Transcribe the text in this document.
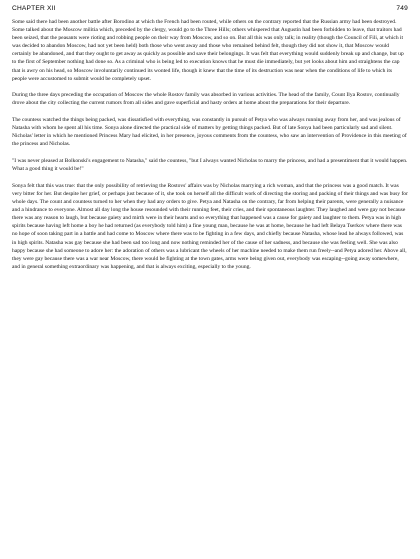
CHAPTER XII	749

Some said there had been another battle after Borodino at which the French had been routed, while others on the contrary reported that the Russian army had been destroyed. Some talked about the Moscow militia which, preceded by the clergy, would go to the Three Hills; others whispered that Augustin had been forbidden to leave, that traitors had been seized, that the peasants were rioting and robbing people on their way from Moscow, and so on. But all this was only talk; in reality (though the Council of Fili, at which it was decided to abandon Moscow, had not yet been held) both those who went away and those who remained behind felt, though they did not show it, that Moscow would certainly be abandoned, and that they ought to get away as quickly as possible and save their belongings. It was felt that everything would suddenly break up and change, but up to the first of September nothing had done so. As a criminal who is being led to execution knows that he must die immediately, but yet looks about him and straightens the cap that is awry on his head, so Moscow involuntarily continued its wonted life, though it knew that the time of its destruction was near when the conditions of life to which its people were accustomed to submit would be completely upset.

During the three days preceding the occupation of Moscow the whole Rostov family was absorbed in various activities. The head of the family, Count Ilya Rostov, continually drove about the city collecting the current rumors from all sides and gave superficial and hasty orders at home about the preparations for their departure.

The countess watched the things being packed, was dissatisfied with everything, was constantly in pursuit of Petya who was always running away from her, and was jealous of Natasha with whom he spent all his time. Sonya alone directed the practical side of matters by getting things packed. But of late Sonya had been particularly sad and silent. Nicholas' letter in which he mentioned Princess Mary had elicited, in her presence, joyous comments from the countess, who saw an intervention of Providence in this meeting of the princess and Nicholas.

"I was never pleased at Bolkonski's engagement to Natasha," said the countess, "but I always wanted Nicholas to marry the princess, and had a presentiment that it would happen. What a good thing it would be!"

Sonya felt that this was true: that the only possibility of retrieving the Rostovs' affairs was by Nicholas marrying a rich woman, and that the princess was a good match. It was very bitter for her. But despite her grief, or perhaps just because of it, she took on herself all the difficult work of directing the storing and packing of their things and was busy for whole days. The count and countess turned to her when they had any orders to give. Petya and Natasha on the contrary, far from helping their parents, were generally a nuisance and a hindrance to everyone. Almost all day long the house resounded with their running feet, their cries, and their spontaneous laughter. They laughed and were gay not because there was any reason to laugh, but because gaiety and mirth were in their hearts and so everything that happened was a cause for gaiety and laughter to them. Petya was in high spirits because having left home a boy he had returned (as everybody told him) a fine young man, because he was at home, because he had left Belaya Tserkov where there was no hope of soon taking part in a battle and had come to Moscow where there was to be fighting in a few days, and chiefly because Natasha, whose lead he always followed, was in high spirits. Natasha was gay because she had been sad too long and now nothing reminded her of the cause of her sadness, and because she was feeling well. She was also happy because she had someone to adore her: the adoration of others was a lubricant the wheels of her machine needed to make them run freely--and Petya adored her. Above all, they were gay because there was a war near Moscow, there would be fighting at the town gates, arms were being given out, everybody was escaping--going away somewhere, and in general something extraordinary was happening, and that is always exciting, especially to the young.
